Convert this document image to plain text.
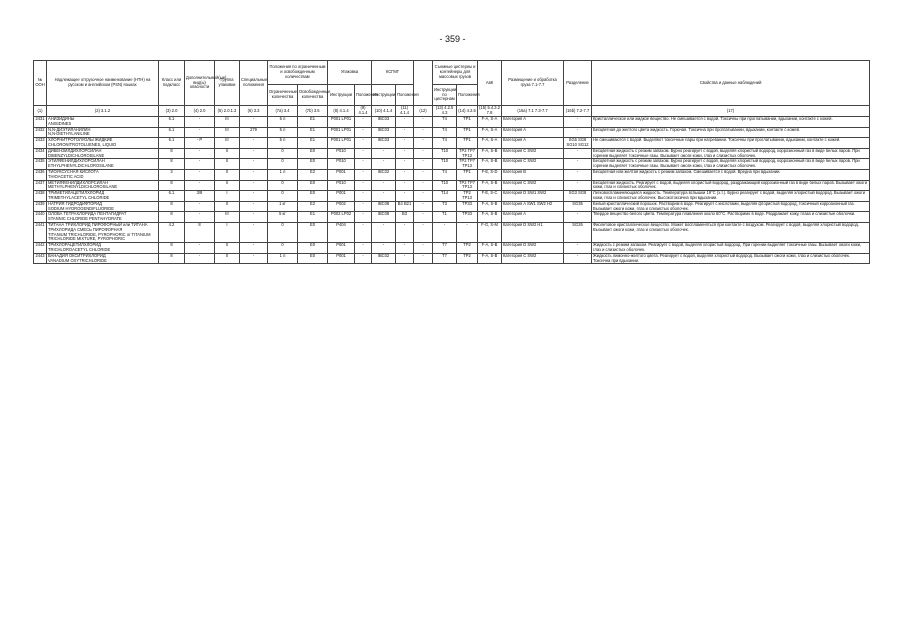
- 359 -
№ ООН	Надлежащее отгрузочное наименование (НТН) на русском и английском (PSN) языках	Класс или подкласс	Дополнительный(ые) вид(ы) опасности	Группа упаковки	Специальные положения	Положения по ограниченным и освобожденным количествам		Упаковка		КСГМГ			Съемные цистерны и контейнеры для массовых грузов		АвК	Размещение и обработка груза 7.1-7.7	Разделение	Свойства и данные наблюдений	
						Ограниченные количества	Освобожденные количества	Инструкции	Положения	Инструкции	Положения		Инструкции по цистернам	Положения					
(1)	(2) 3.1.2	(3) 2.0	(4) 2.0	(5) 2.0.1.3	(6) 3.3	(7a) 3.4	(7b) 3.5	(8) 4.1.4	(9) 4.1.4	(10) 4.1.4	(11) 4.1.4	(12)	(13) 4.2.5 4.3	(14) 4.2.5	(15) 5.4.3.2 7.8	(16a) 7.1 7.3-7.7	(16b) 7.2-7.7	(17)	
2431	АНИЗИДИНЫ
ANISIDINES	6.1	-	III	-	5 л	E1	P001 LP01	-	IBC03	-	-	T4	TP1	F-A, S-A	Категория A	-	Кристаллическое или жидкое вещество. Не смешивается с водой. Токсичны при проглатывании, вдыхании, контакте с кожей.	
2432	N,N-ДИЭТИЛАНИЛИН
N,N-DIETHYLANILINE	6.1	-	III	279	5 л	E1	P001 LP01	-	IBC03	-	-	T4	TP1	F-A, S-A	Категория A	-	Бесцветная до желтого цвета жидкость. Горючая. Токсична при проглатывании, вдыхании, контакте с кожей.	
2433	ХЛОРНИТРОТОЛУОЛЫ ЖИДКИЕ
CHLORONITROTOLUENES, LIQUID	6.1	- P	III	-	5 л	E1	P001 LP01	-	IBC03	-	-	T4	TP1	F-A, S-A	Категория A	SG6 SG8 SG10 SG12	Не смешиваются с водой. Выделяют токсичные пары при нагревании. Токсичны при проглатывании, вдыхании, контакте с кожей.	
2434	ДИБЕНЗИЛДИХЛОРСИЛАН
DIBENZYLDICHLOROSILANE	8	-	II	-	0	E0	P010	-	-	-	-	T10	TP2 TP7 TP13	F-A, S-B	Категория C SW2	-	Бесцветная жидкость с резким запахом. Бурно реагирует с водой, выделяя хлористый водород, коррозионный газ в виде белых паров. При горении выделяет токсичные газы. Вызывает ожоги кожи, глаз и слизистых оболочек.	
2435	ЭТИЛФЕНИЛДИХЛОРСИЛАН
ETHYLPHENYLDICHLOROSILANE	8	-	II	-	0	E0	P010	-	-	-	-	T10	TP2 TP7 TP13	F-A, S-B	Категория C SW2	-	Бесцветная жидкость с резким запахом. Бурно реагирует с водой, выделяя хлористый водород, коррозионный газ в виде белых паров. При горении выделяет токсичные газы. Вызывает ожоги кожи, глаз и слизистых оболочек.	
2436	ТИОУКСУСНАЯ КИСЛОТА
THIOACETIC ACID	3	-	II	-	1 л	E2	P001	-	IBC02	-	-	T4	TP1	F-E, S-D	Категория B	-	Бесцветная или желтая жидкость с резким запахом. Смешивается с водой. Вредна при вдыхании.	
2437	МЕТИЛФЕНИЛДИХЛОРСИЛАН
METHYLPHENYLDICHLOROSILANE	8	-	II	-	0	E0	P010	-	-	-	-	T10	TP2 TP7 TP13	F-A, S-B	Категория C SW2	-	Бесцветная жидкость. Реагирует с водой, выделяя хлористый водород, раздражающий коррозионный газ в виде белых паров. Вызывает ожоги кожи, глаз и слизистых оболочек.	
2438	ТРИМЕТИЛАЦЕТИЛХЛОРИД
TRIMETHYLACETYL CHLORIDE	6.1	3/8	I	-	0	E0	P001	-	-	-	-	T14	TP2 TP13	F-E, S-C	Категория D SW1 SW2	SG3 SG8	Легковоспламеняющаяся жидкость. Температура вспышки 19°C (з.т.). Бурно реагирует с водой, выделяя хлористый водород. Вызывает ожоги кожи, глаз и слизистых оболочек. Высокотоксична при вдыхании.	
2439	НАТРИЯ ГИДРОДИФТОРИД
SODIUM HYDROGENDIFLUORIDE	8	-	II	-	1 кг	E2	P002	-	IBC08	B4 B21	-	T3	TP33	F-A, S-B	Категория A SW1 SW2 H2	SG35	Белый кристаллический порошок. Растворим в воде. Реагирует с кислотами, выделяя фтористый водород, токсичный коррозионный газ. Вызывает ожоги кожи, глаз и слизистых оболочек.	
2440	ОЛОВА ТЕТРАХЛОРИДА ПЕНТАГИДРАТ
STANNIC CHLORIDE PENTAHYDRATE	8	-	III	-	5 кг	E1	P002 LP02	-	IBC08	B3	-	T1	TP33	F-A, S-B	Категория A	-	Твердое вещество белого цвета. Температура плавления около 60°C. Растворимо в воде. Раздражает кожу, глаза и слизистые оболочки.	
2441	ТИТАНА ТРИХЛОРИД ПИРОФОРНЫЙ или ТИТАНА ТРИХЛОРИДА СМЕСЬ ПИРОФОРНАЯ
TITANIUM TRICHLORIDE, PYROPHORIC or TITANIUM TRICHLORIDE MIXTURE, PYROPHORIC	4.2	8	I	-	0	E0	P404	-	-	-	-	-	-	F-G, S-M	Категория D SW2 H1	SG26	Фиолетовое кристаллическое вещество. Может воспламеняться при контакте с воздухом. Реагирует с водой, выделяя хлористый водород. Вызывает ожоги кожи, глаз и слизистых оболочек.	
2442	ТРИХЛОРАЦЕТИЛХЛОРИД
TRICHLOROACETYL CHLORIDE	8	-	II	-	0	E0	P001	-	-	-	-	T7	TP2	F-A, S-B	Категория D SW2	-	Жидкость с резким запахом. Реагирует с водой, выделяя хлористый водород. При горении выделяет токсичные газы. Вызывает ожоги кожи, глаз и слизистых оболочек.	
2443	ВАНАДИЯ ОКСИТРИХЛОРИД
VANADIUM OXYTRICHLORIDE	8	-	II	-	1 л	E0	P001	-	IBC02	-	-	T7	TP2	F-A, S-B	Категория C SW2	-	Жидкость лимонно-желтого цвета. Реагирует с водой, выделяя хлористый водород. Вызывает ожоги кожи, глаз и слизистых оболочек. Токсична при вдыхании.	
